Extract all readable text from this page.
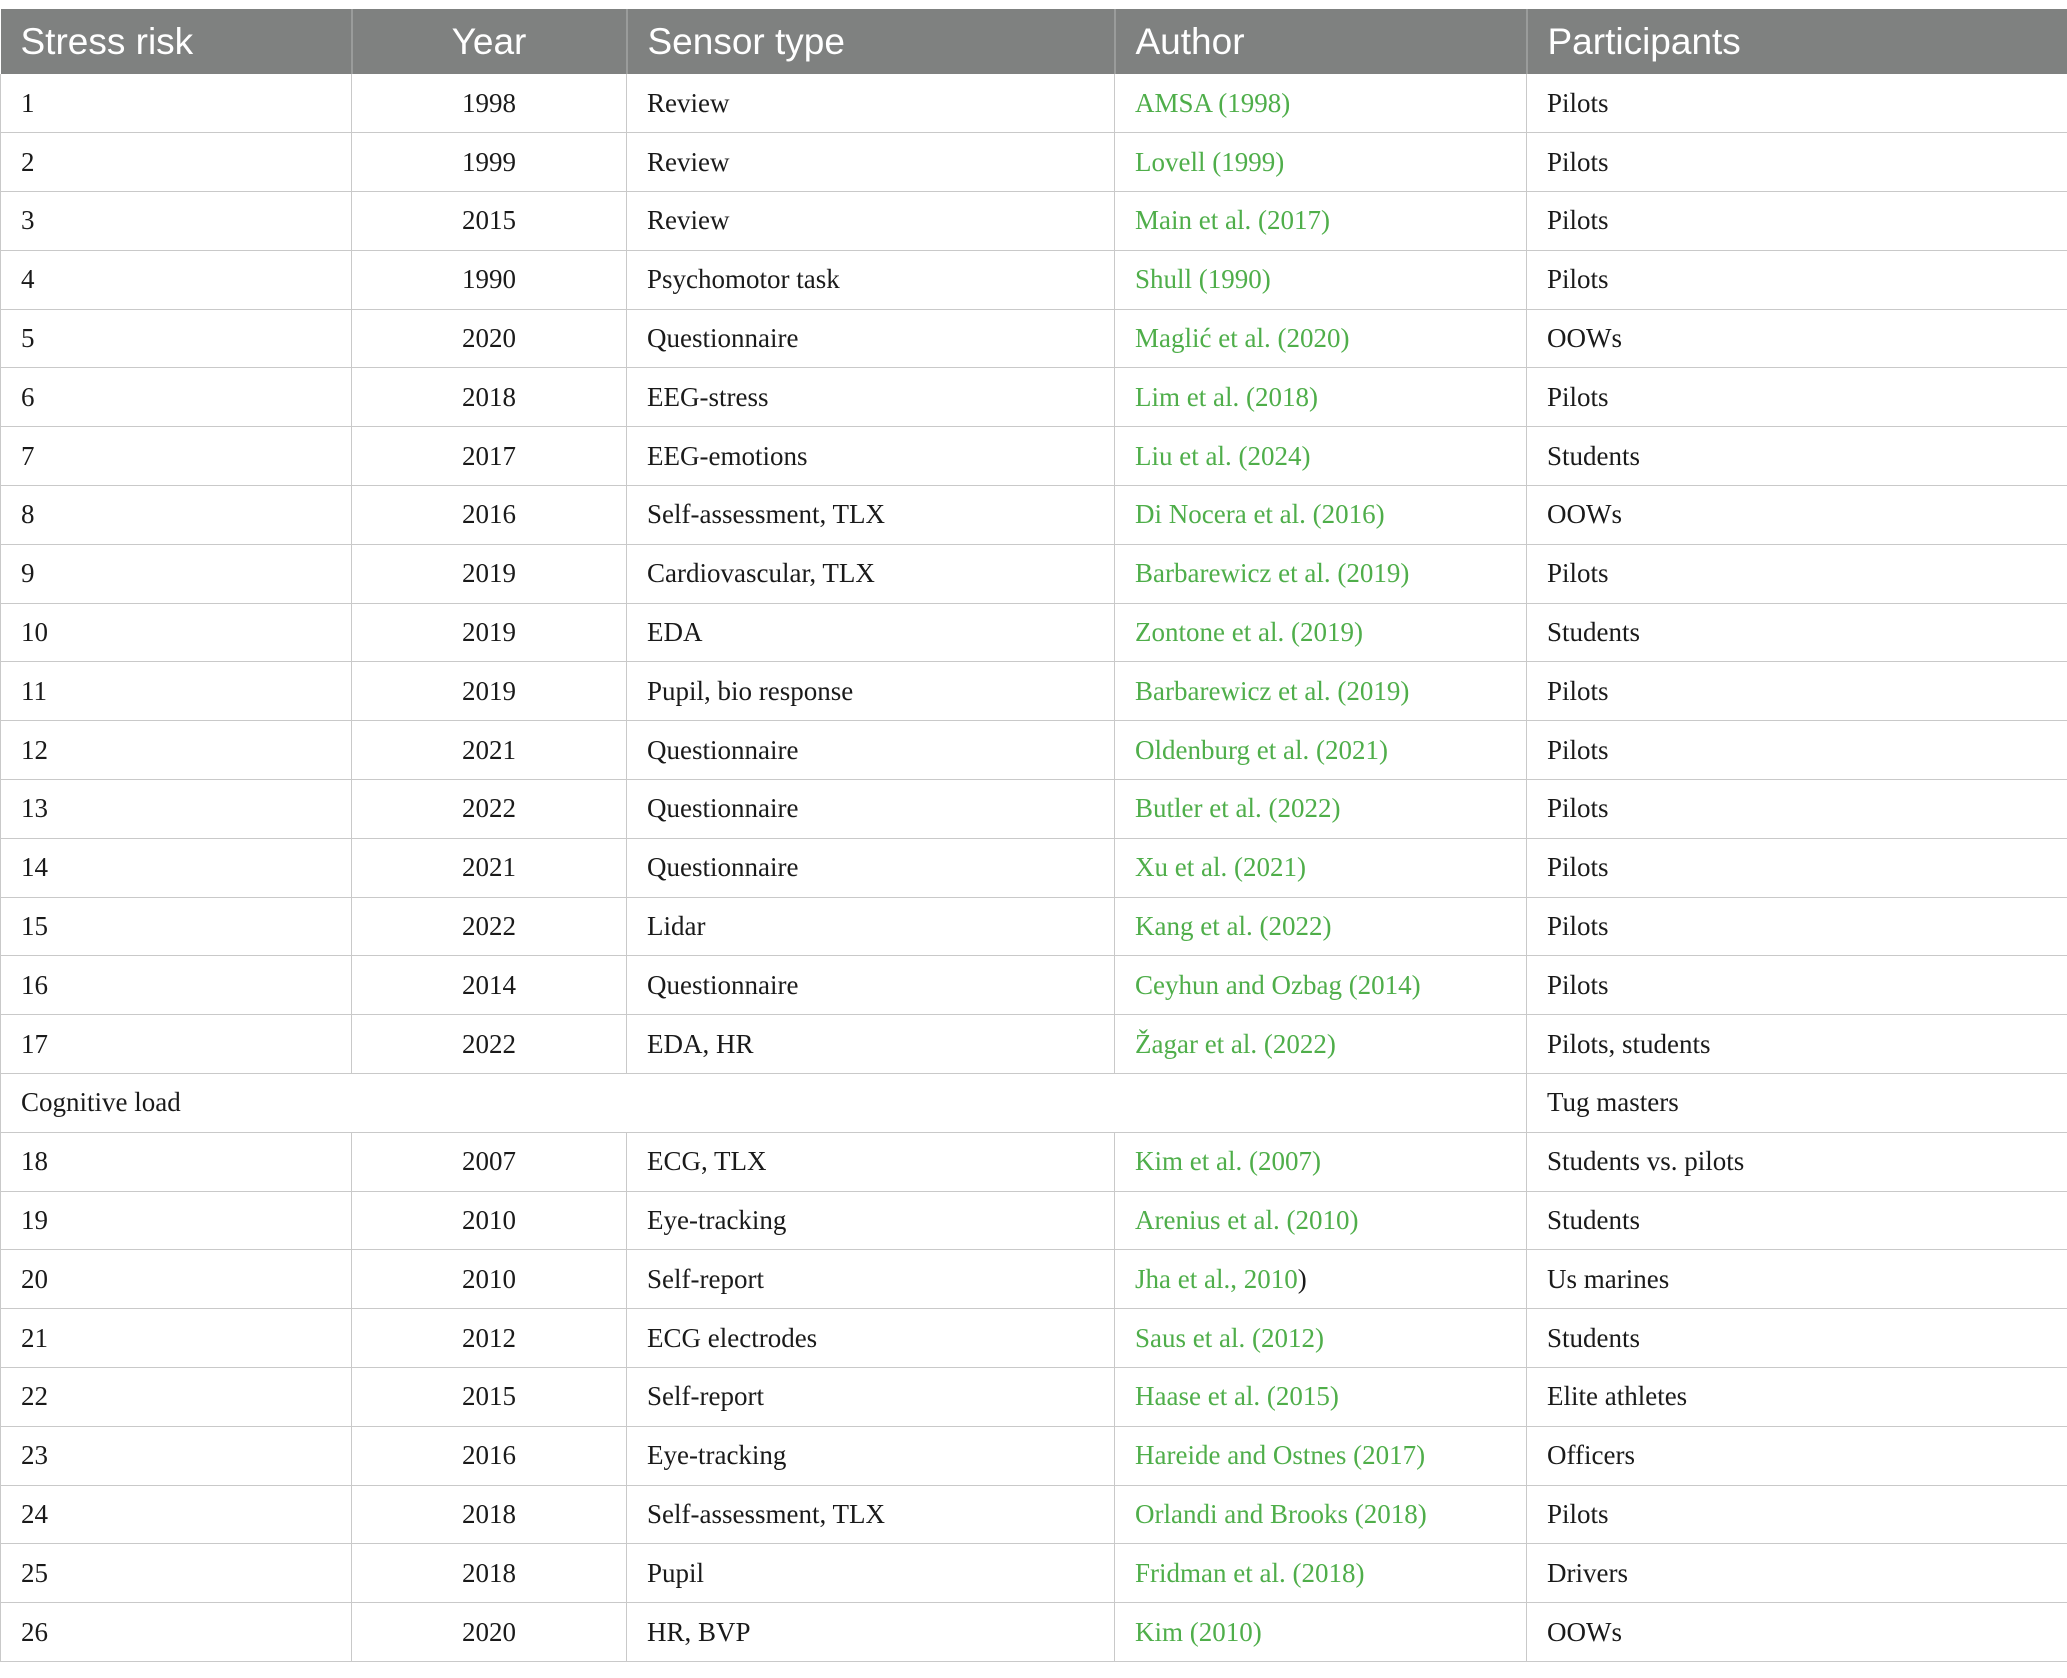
Stress risk	Year	Sensor type	Author	Participants
1	1998	Review	AMSA (1998)	Pilots
2	1999	Review	Lovell (1999)	Pilots
3	2015	Review	Main et al. (2017)	Pilots
4	1990	Psychomotor task	Shull (1990)	Pilots
5	2020	Questionnaire	Maglić et al. (2020)	OOWs
6	2018	EEG-stress	Lim et al. (2018)	Pilots
7	2017	EEG-emotions	Liu et al. (2024)	Students
8	2016	Self-assessment, TLX	Di Nocera et al. (2016)	OOWs
9	2019	Cardiovascular, TLX	Barbarewicz et al. (2019)	Pilots
10	2019	EDA	Zontone et al. (2019)	Students
11	2019	Pupil, bio response	Barbarewicz et al. (2019)	Pilots
12	2021	Questionnaire	Oldenburg et al. (2021)	Pilots
13	2022	Questionnaire	Butler et al. (2022)	Pilots
14	2021	Questionnaire	Xu et al. (2021)	Pilots
15	2022	Lidar	Kang et al. (2022)	Pilots
16	2014	Questionnaire	Ceyhun and Ozbag (2014)	Pilots
17	2022	EDA, HR	Žagar et al. (2022)	Pilots, students
Cognitive load				Tug masters
18	2007	ECG, TLX	Kim et al. (2007)	Students vs. pilots
19	2010	Eye-tracking	Arenius et al. (2010)	Students
20	2010	Self-report	Jha et al., 2010)	Us marines
21	2012	ECG electrodes	Saus et al. (2012)	Students
22	2015	Self-report	Haase et al. (2015)	Elite athletes
23	2016	Eye-tracking	Hareide and Ostnes (2017)	Officers
24	2018	Self-assessment, TLX	Orlandi and Brooks (2018)	Pilots
25	2018	Pupil	Fridman et al. (2018)	Drivers
26	2020	HR, BVP	Kim (2010)	OOWs
